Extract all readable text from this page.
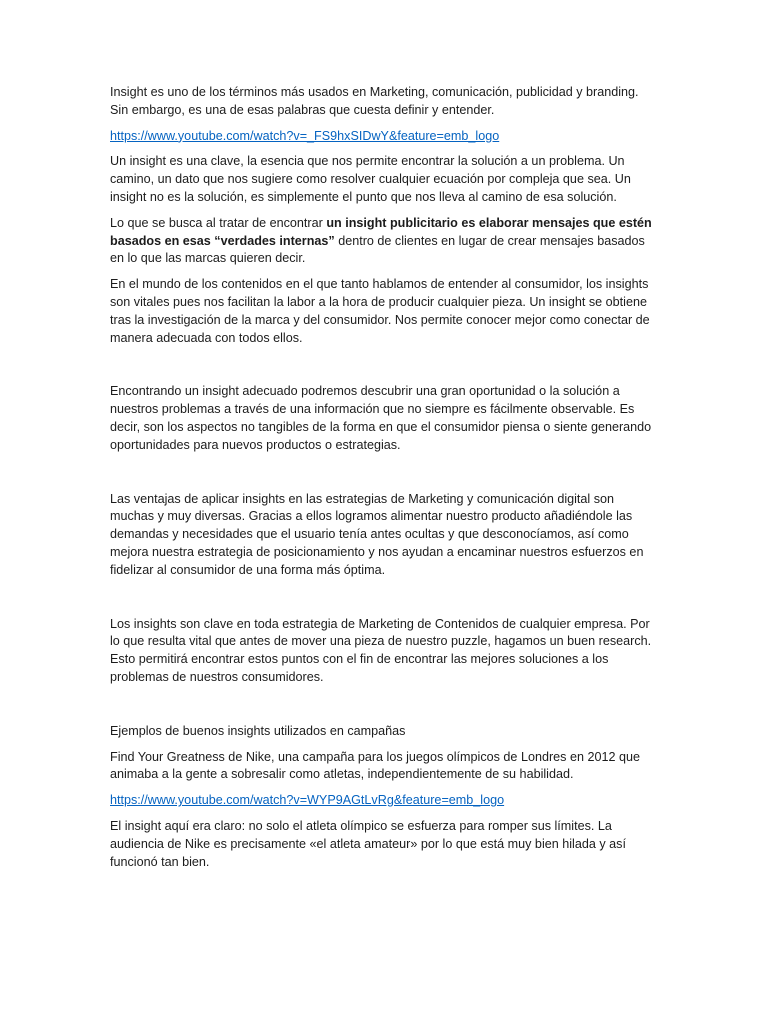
Insight es uno de los términos más usados en Marketing, comunicación, publicidad y branding. Sin embargo, es una de esas palabras que cuesta definir y entender.

https://www.youtube.com/watch?v=_FS9hxSIDwY&feature=emb_logo

Un insight es una clave, la esencia que nos permite encontrar la solución a un problema. Un camino, un dato que nos sugiere como resolver cualquier ecuación por compleja que sea. Un insight no es la solución, es simplemente el punto que nos lleva al camino de esa solución.

Lo que se busca al tratar de encontrar un insight publicitario es elaborar mensajes que estén basados en esas “verdades internas” dentro de clientes en lugar de crear mensajes basados en lo que las marcas quieren decir.

En el mundo de los contenidos en el que tanto hablamos de entender al consumidor, los insights son vitales pues nos facilitan la labor a la hora de producir cualquier pieza. Un insight se obtiene tras la investigación de la marca y del consumidor. Nos permite conocer mejor como conectar de manera adecuada con todos ellos.

Encontrando un insight adecuado podremos descubrir una gran oportunidad o la solución a nuestros problemas a través de una información que no siempre es fácilmente observable. Es decir, son los aspectos no tangibles de la forma en que el consumidor piensa o siente generando oportunidades para nuevos productos o estrategias.

Las ventajas de aplicar insights en las estrategias de Marketing y comunicación digital son muchas y muy diversas. Gracias a ellos logramos alimentar nuestro producto añadiéndole las demandas y necesidades que el usuario tenía antes ocultas y que desconocíamos, así como mejora nuestra estrategia de posicionamiento y nos ayudan a encaminar nuestros esfuerzos en fidelizar al consumidor de una forma más óptima.

Los insights son clave en toda estrategia de Marketing de Contenidos de cualquier empresa. Por lo que resulta vital que antes de mover una pieza de nuestro puzzle, hagamos un buen research. Esto permitirá encontrar estos puntos con el fin de encontrar las mejores soluciones a los problemas de nuestros consumidores.

Ejemplos de buenos insights utilizados en campañas

Find Your Greatness de Nike, una campaña para los juegos olímpicos de Londres en 2012 que animaba a la gente a sobresalir como atletas, independientemente de su habilidad.

https://www.youtube.com/watch?v=WYP9AGtLvRg&feature=emb_logo

El insight aquí era claro: no solo el atleta olímpico se esfuerza para romper sus límites. La audiencia de Nike es precisamente «el atleta amateur» por lo que está muy bien hilada y así funcionó tan bien.
